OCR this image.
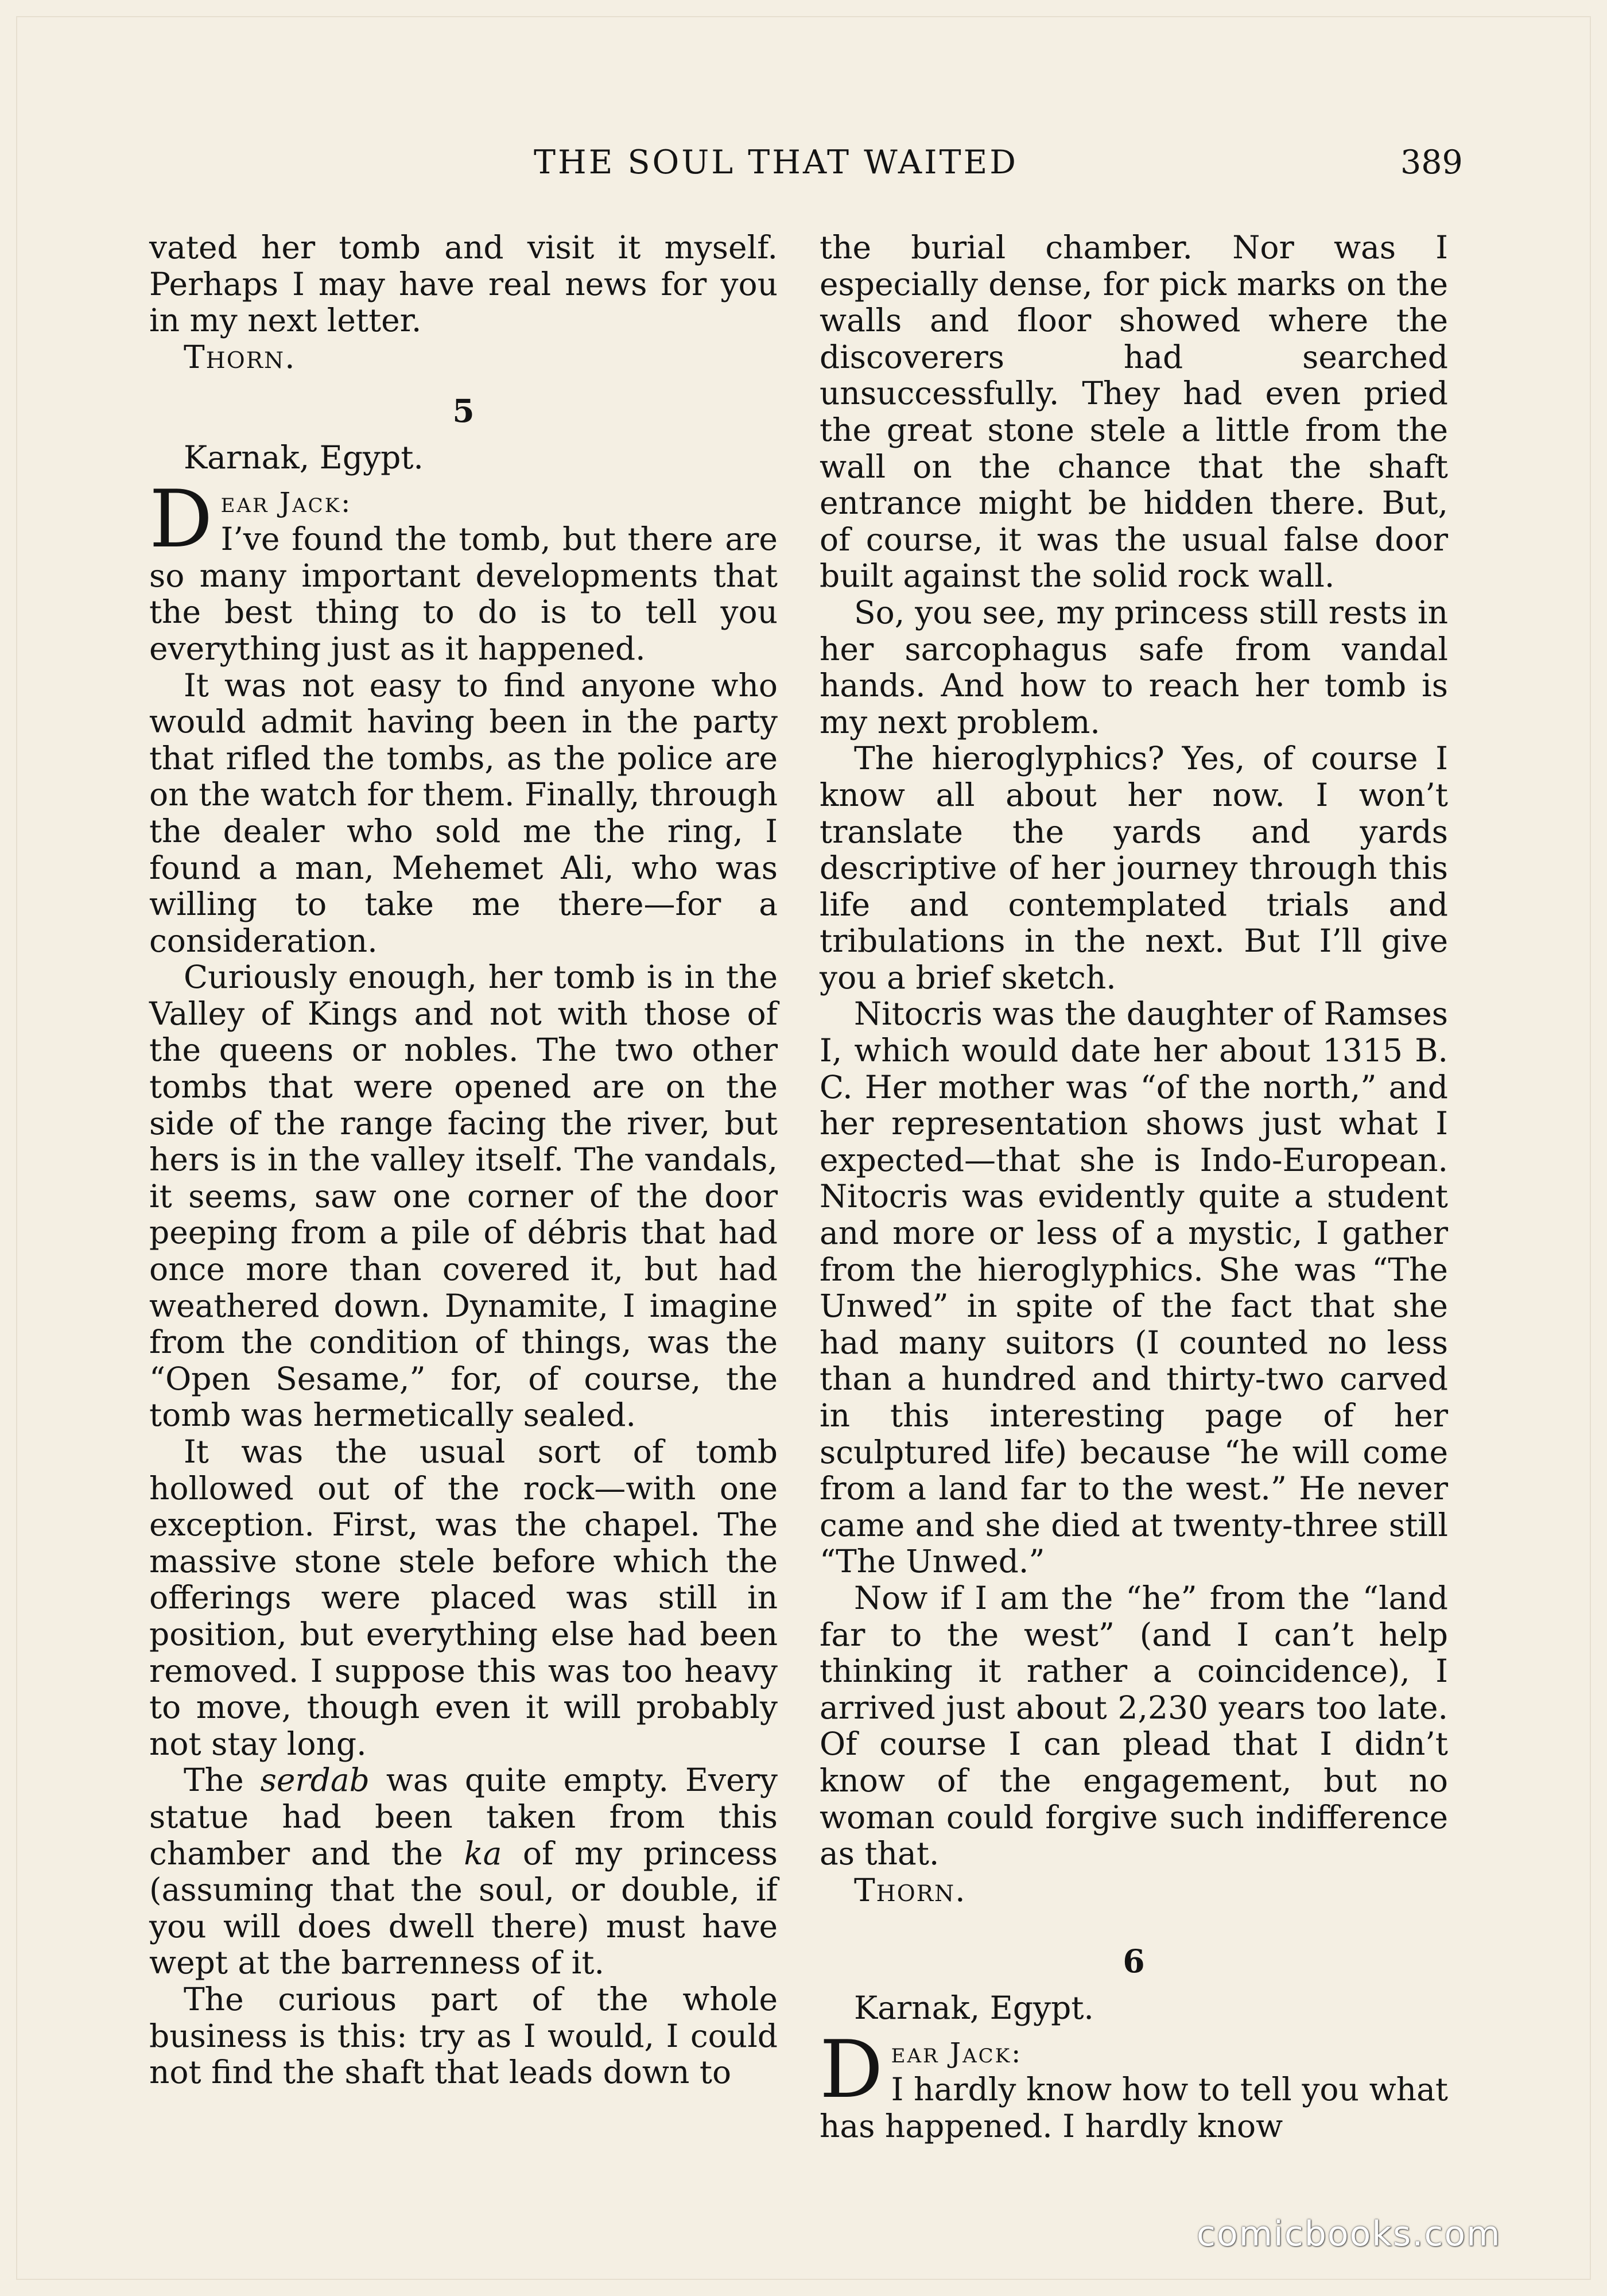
THE SOUL THAT WAITED	389

vated her tomb and visit it myself. Perhaps I may have real news for you in my next letter.

Thorn.

5

Karnak, Egypt.

D ear Jack:

I’ve found the tomb, but there are so many important developments that the best thing to do is to tell you everything just as it happened.

It was not easy to find anyone who would admit having been in the party that rifled the tombs, as the police are on the watch for them. Finally, through the dealer who sold me the ring, I found a man, Mehemet Ali, who was willing to take me there—for a consideration.

Curiously enough, her tomb is in the Valley of Kings and not with those of the queens or nobles. The two other tombs that were opened are on the side of the range facing the river, but hers is in the valley itself. The vandals, it seems, saw one corner of the door peeping from a pile of débris that had once more than covered it, but had weathered down. Dynamite, I imagine from the condition of things, was the “Open Sesame,” for, of course, the tomb was hermetically sealed.

It was the usual sort of tomb hollowed out of the rock—with one exception. First, was the chapel. The massive stone stele before which the offerings were placed was still in position, but everything else had been removed. I suppose this was too heavy to move, though even it will probably not stay long.

The serdab was quite empty. Every statue had been taken from this chamber and the ka of my princess (assuming that the soul, or double, if you will does dwell there) must have wept at the barrenness of it.

The curious part of the whole business is this: try as I would, I could not find the shaft that leads down to

the burial chamber. Nor was I especially dense, for pick marks on the walls and floor showed where the discoverers had searched unsuccessfully. They had even pried the great stone stele a little from the wall on the chance that the shaft entrance might be hidden there. But, of course, it was the usual false door built against the solid rock wall.

So, you see, my princess still rests in her sarcophagus safe from vandal hands. And how to reach her tomb is my next problem.

The hieroglyphics? Yes, of course I know all about her now. I won’t translate the yards and yards descriptive of her journey through this life and contemplated trials and tribulations in the next. But I’ll give you a brief sketch.

Nitocris was the daughter of Ramses I, which would date her about 1315 B. C. Her mother was “of the north,” and her representation shows just what I expected—that she is Indo-European. Nitocris was evidently quite a student and more or less of a mystic, I gather from the hieroglyphics. She was “The Unwed” in spite of the fact that she had many suitors (I counted no less than a hundred and thirty-two carved in this interesting page of her sculptured life) because “he will come from a land far to the west.” He never came and she died at twenty-three still “The Unwed.”

Now if I am the “he” from the “land far to the west” (and I can’t help thinking it rather a coincidence), I arrived just about 2,230 years too late. Of course I can plead that I didn’t know of the engagement, but no woman could forgive such indifference as that.

Thorn.

6

Karnak, Egypt.

D ear Jack:

I hardly know how to tell you what has happened. I hardly know
comicbooks.com
